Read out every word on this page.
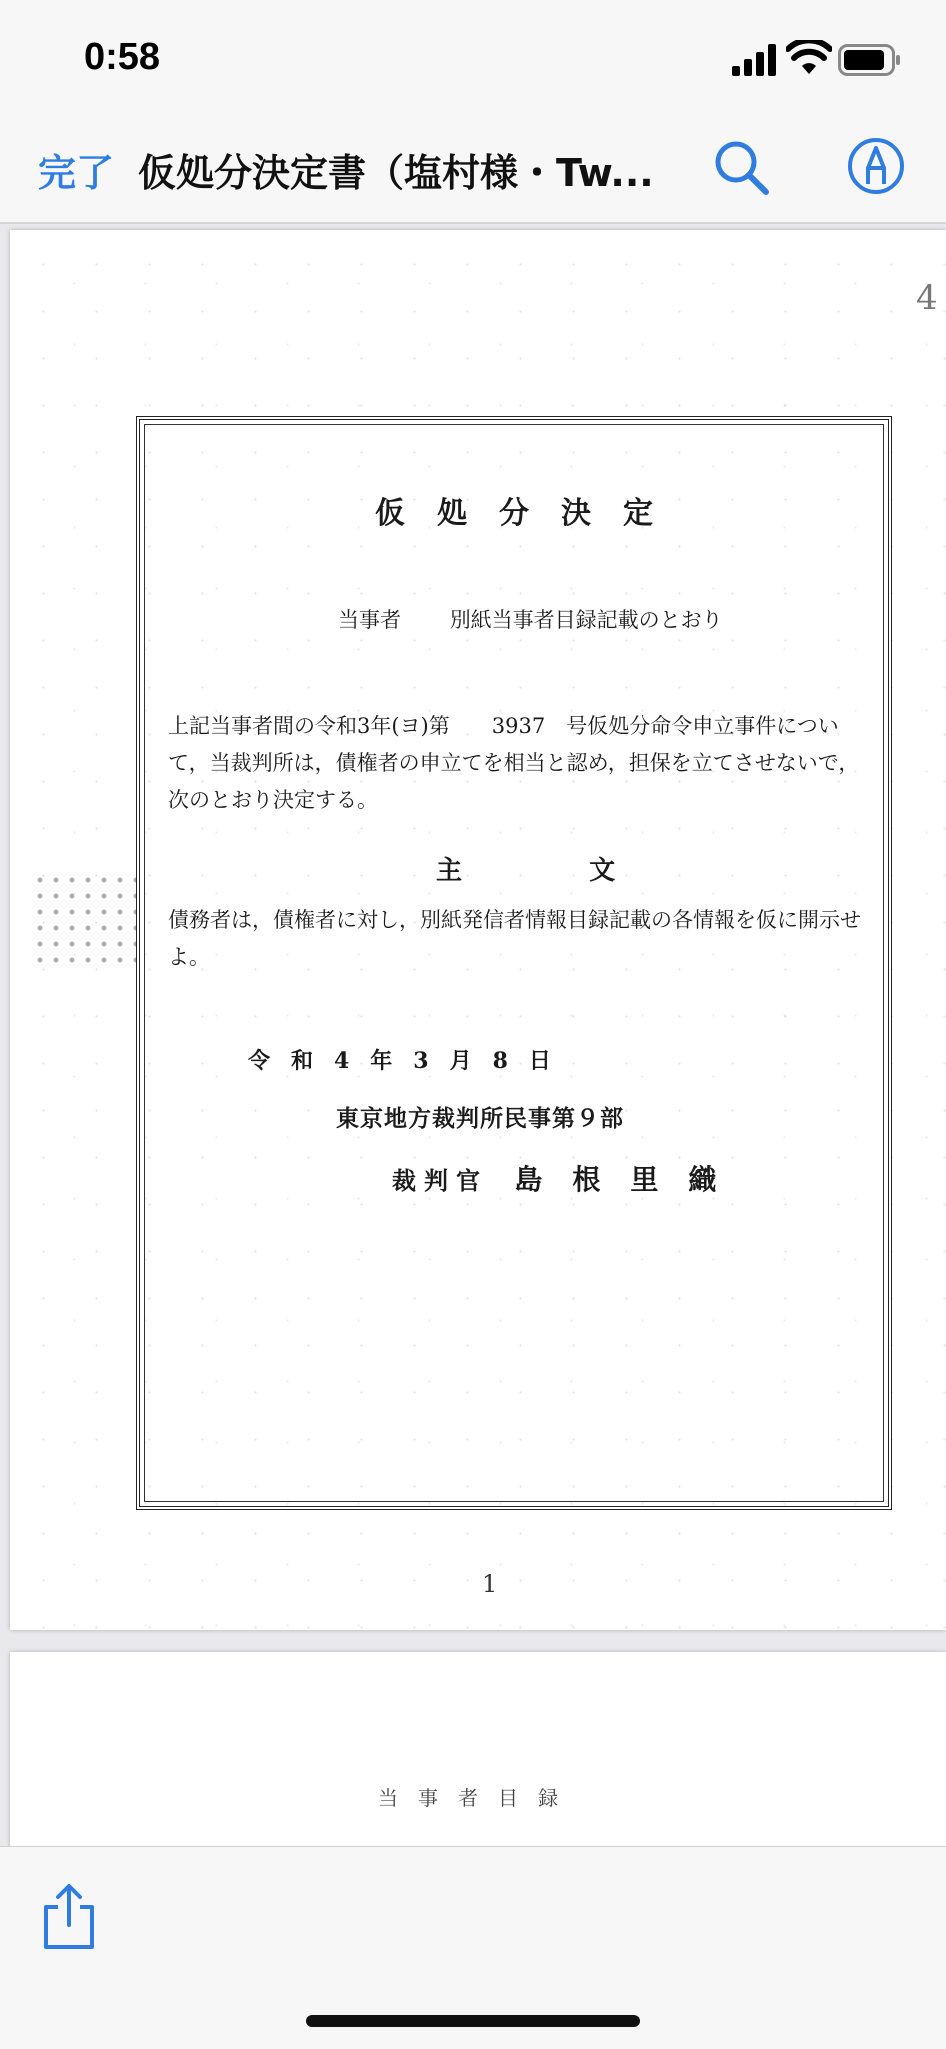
0:58
完了 仮処分決定書（塩村様・Tw...
4
仮処分決定
当事者 別紙当事者目録記載のとおり
上記当事者間の令和3年(ヨ)第　　3937　号仮処分命令申立事件について，当裁判所は，債権者の申立てを相当と認め，担保を立てさせないで，次のとおり決定する。
主	文
債務者は，債権者に対し，別紙発信者情報目録記載の各情報を仮に開示せよ。
令和4年3月8日
東京地方裁判所民事第９部
裁判官 島根里織
1
当事者目録
